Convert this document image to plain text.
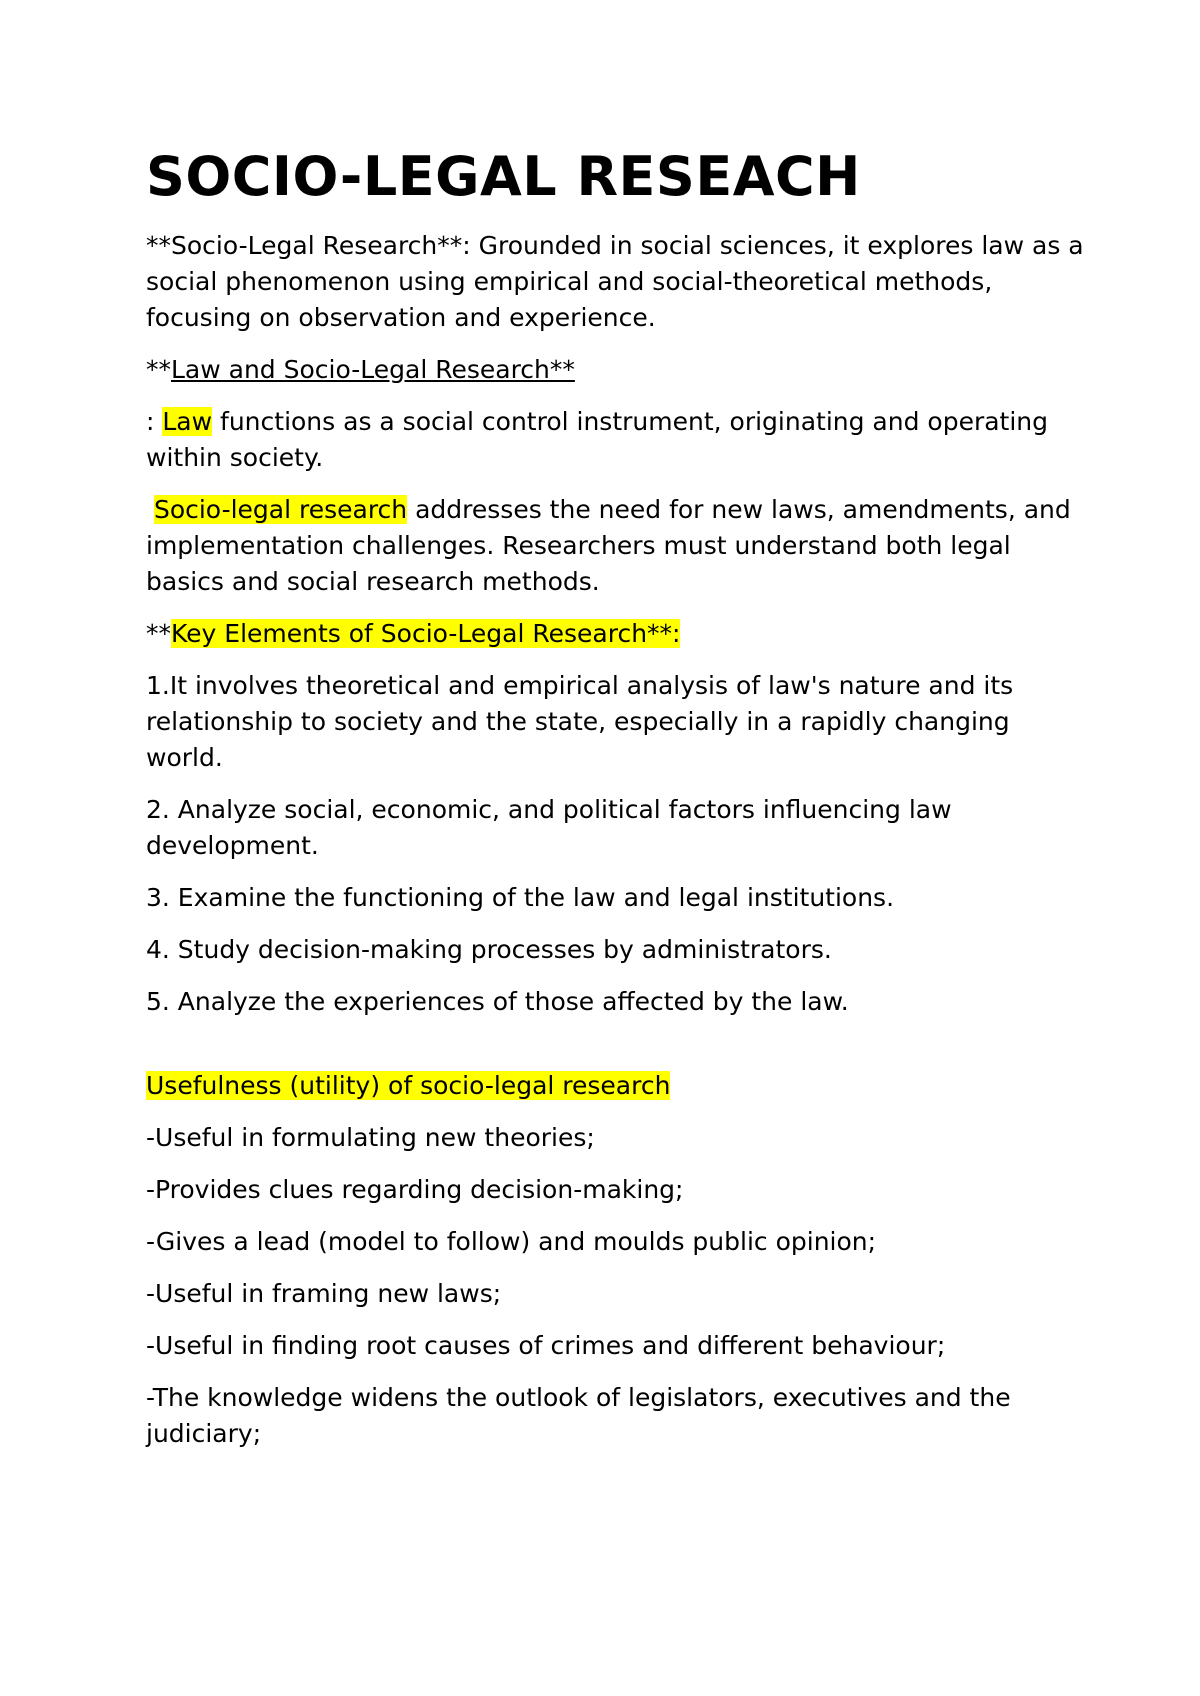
SOCIO-LEGAL RESEACH

**Socio-Legal Research**: Grounded in social sciences, it explores law as a social phenomenon using empirical and social-theoretical methods, focusing on observation and experience.

**Law and Socio-Legal Research**

: Law functions as a social control instrument, originating and operating within society.

Socio-legal research addresses the need for new laws, amendments, and implementation challenges. Researchers must understand both legal basics and social research methods.

**Key Elements of Socio-Legal Research**:

1.It involves theoretical and empirical analysis of law's nature and its relationship to society and the state, especially in a rapidly changing world.

2. Analyze social, economic, and political factors influencing law development.

3. Examine the functioning of the law and legal institutions.

4. Study decision-making processes by administrators.

5. Analyze the experiences of those affected by the law.

Usefulness (utility) of socio-legal research

-Useful in formulating new theories;

-Provides clues regarding decision-making;

-Gives a lead (model to follow) and moulds public opinion;

-Useful in framing new laws;

-Useful in finding root causes of crimes and different behaviour;

-The knowledge widens the outlook of legislators, executives and the judiciary;
